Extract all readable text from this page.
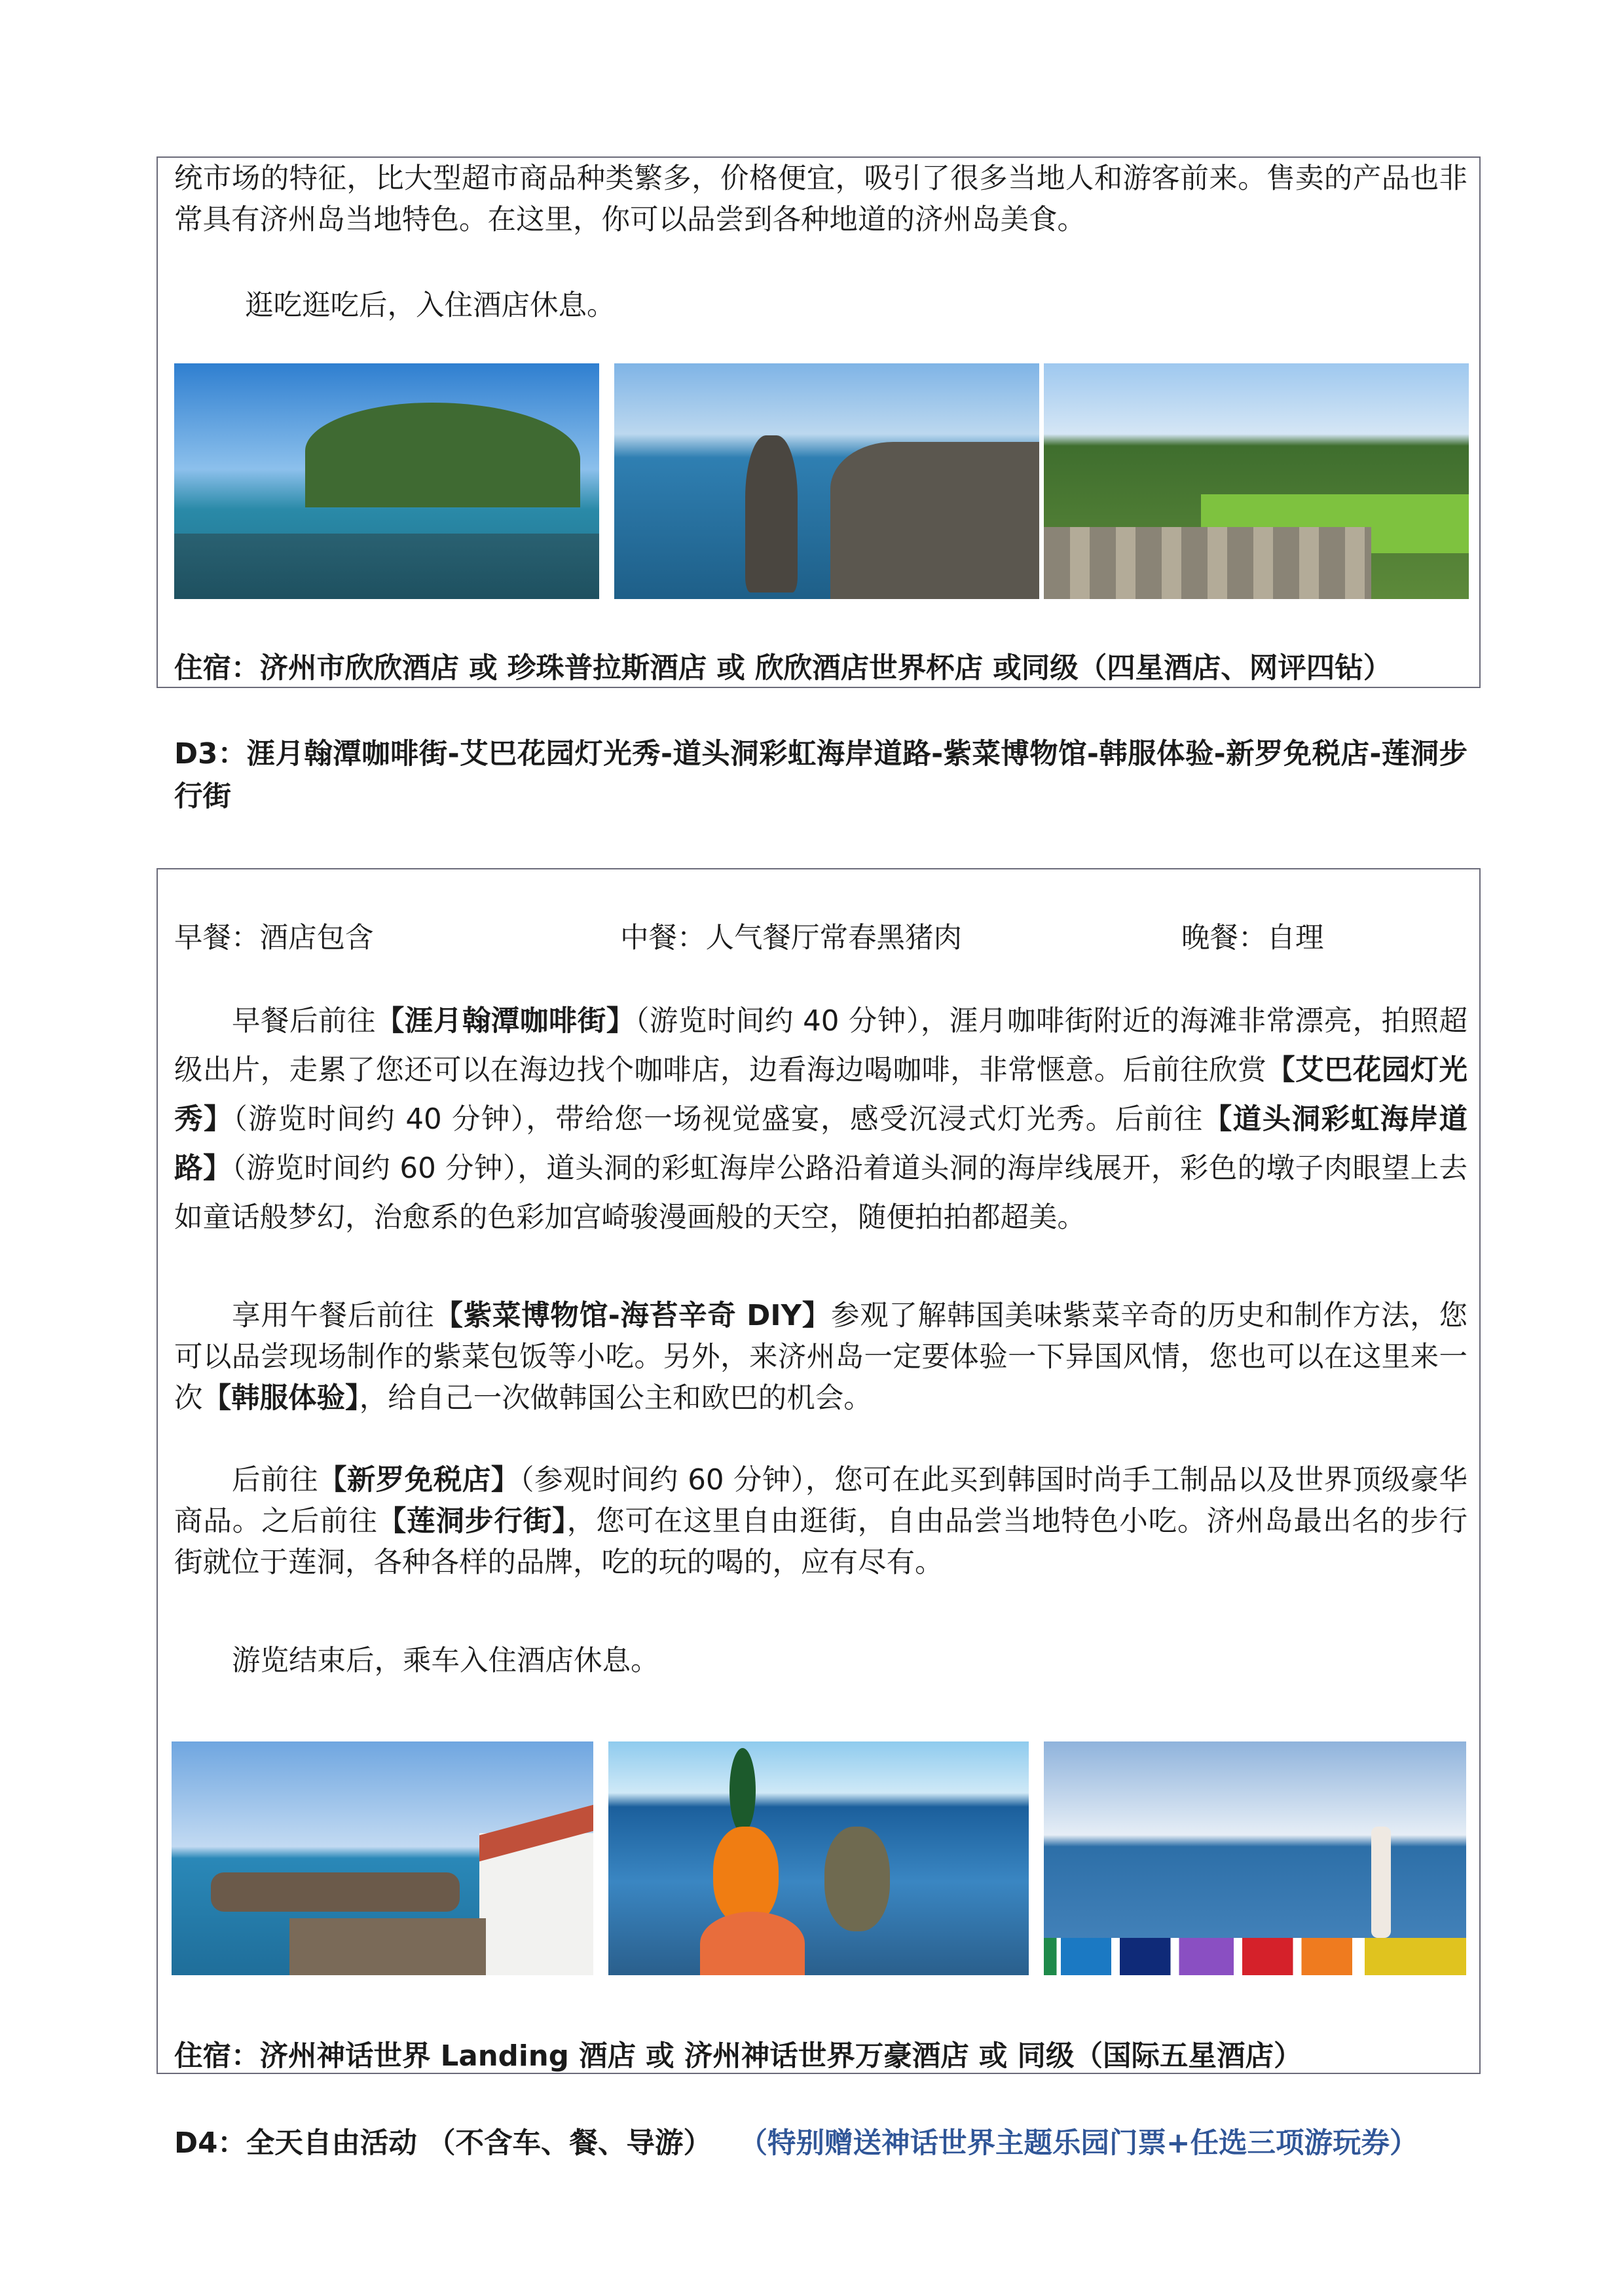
统市场的特征，比大型超市商品种类繁多，价格便宜，吸引了很多当地人和游客前来。售卖的产品也非常具有济州岛当地特色。在这里，你可以品尝到各种地道的济州岛美食。
逛吃逛吃后，入住酒店休息。
住宿：济州市欣欣酒店 或 珍珠普拉斯酒店 或 欣欣酒店世界杯店 或同级（四星酒店、网评四钻）
D3：涯月翰潭咖啡街-艾巴花园灯光秀-道头洞彩虹海岸道路-紫菜博物馆-韩服体验-新罗免税店-莲洞步行街
早餐：酒店包含	中餐：人气餐厅常春黑猪肉	晚餐：自理
早餐后前往【涯月翰潭咖啡街】（游览时间约 40 分钟），涯月咖啡街附近的海滩非常漂亮，拍照超级出片，走累了您还可以在海边找个咖啡店，边看海边喝咖啡，非常惬意。后前往欣赏【艾巴花园灯光秀】（游览时间约 40 分钟），带给您一场视觉盛宴，感受沉浸式灯光秀。后前往【道头洞彩虹海岸道路】（游览时间约 60 分钟），道头洞的彩虹海岸公路沿着道头洞的海岸线展开，彩色的墩子肉眼望上去如童话般梦幻，治愈系的色彩加宫崎骏漫画般的天空，随便拍拍都超美。
享用午餐后前往【紫菜博物馆-海苔辛奇 DIY】参观了解韩国美味紫菜辛奇的历史和制作方法，您可以品尝现场制作的紫菜包饭等小吃。另外，来济州岛一定要体验一下异国风情，您也可以在这里来一次【韩服体验】，给自己一次做韩国公主和欧巴的机会。
后前往【新罗免税店】（参观时间约 60 分钟），您可在此买到韩国时尚手工制品以及世界顶级豪华商品。之后前往【莲洞步行街】，您可在这里自由逛街，自由品尝当地特色小吃。济州岛最出名的步行街就位于莲洞，各种各样的品牌，吃的玩的喝的，应有尽有。
游览结束后，乘车入住酒店休息。
住宿：济州神话世界 Landing 酒店 或 济州神话世界万豪酒店 或 同级（国际五星酒店）
D4：全天自由活动 （不含车、餐、导游） （特别赠送神话世界主题乐园门票+任选三项游玩券）
